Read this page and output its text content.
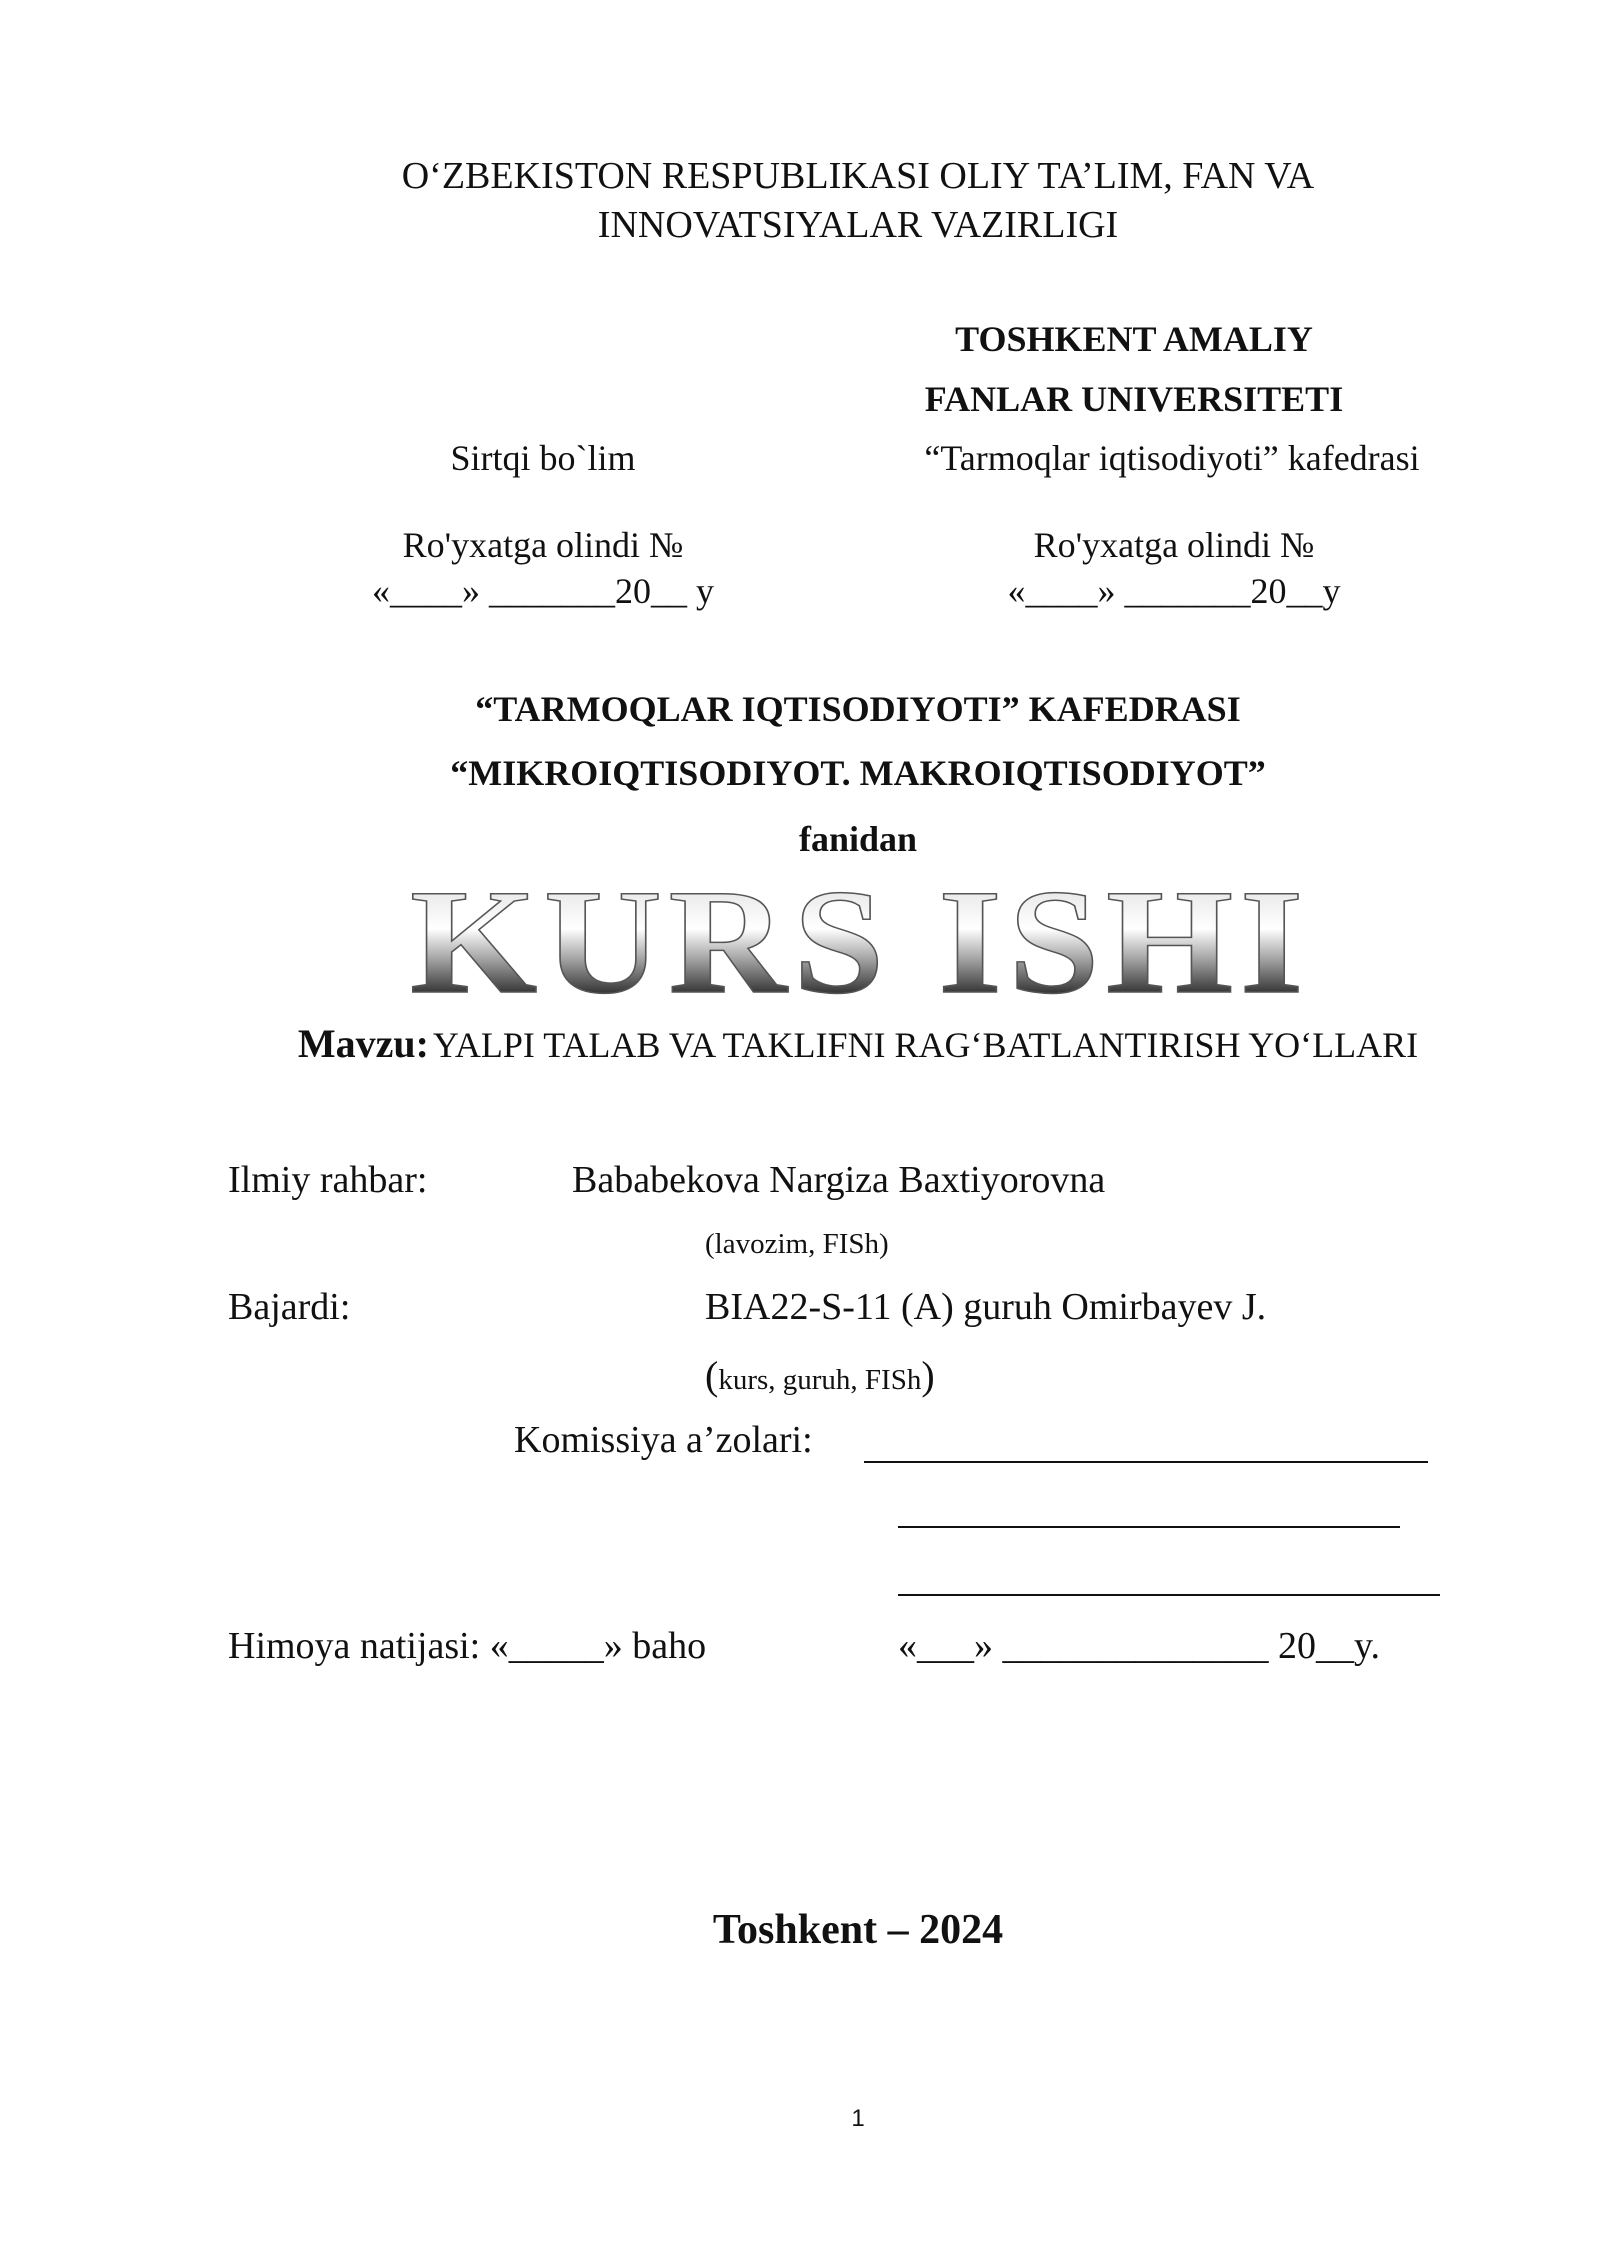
O‘ZBEKISTON RESPUBLIKASI OLIY TA’LIM, FAN VA
INNOVATSIYALAR VAZIRLIGI
TOSHKENT AMALIY
FANLAR UNIVERSITETI
Sirtqi bo`lim	“Tarmoqlar iqtisodiyoti” kafedrasi
Ro'yxatga olindi №
«____» _______20__ y
Ro'yxatga olindi №
«____» _______20__y
“TARMOQLAR IQTISODIYOTI” KAFEDRASI
“MIKROIQTISODIYOT. MAKROIQTISODIYOT”
fanidan
KURS ISHI
Mavzu: YALPI TALAB VA TAKLIFNI RAG‘BATLANTIRISH YO‘LLARI
Ilmiy rahbar:	Bababekova Nargiza Baxtiyorovna
(lavozim, FISh)
Bajardi:	BIA22-S-11 (A) guruh Omirbayev J.
(kurs, guruh, FISh)
Komissiya a’zolari:
Himoya natijasi: «_____» baho	«___» ______________ 20__y.
Toshkent – 2024
1
